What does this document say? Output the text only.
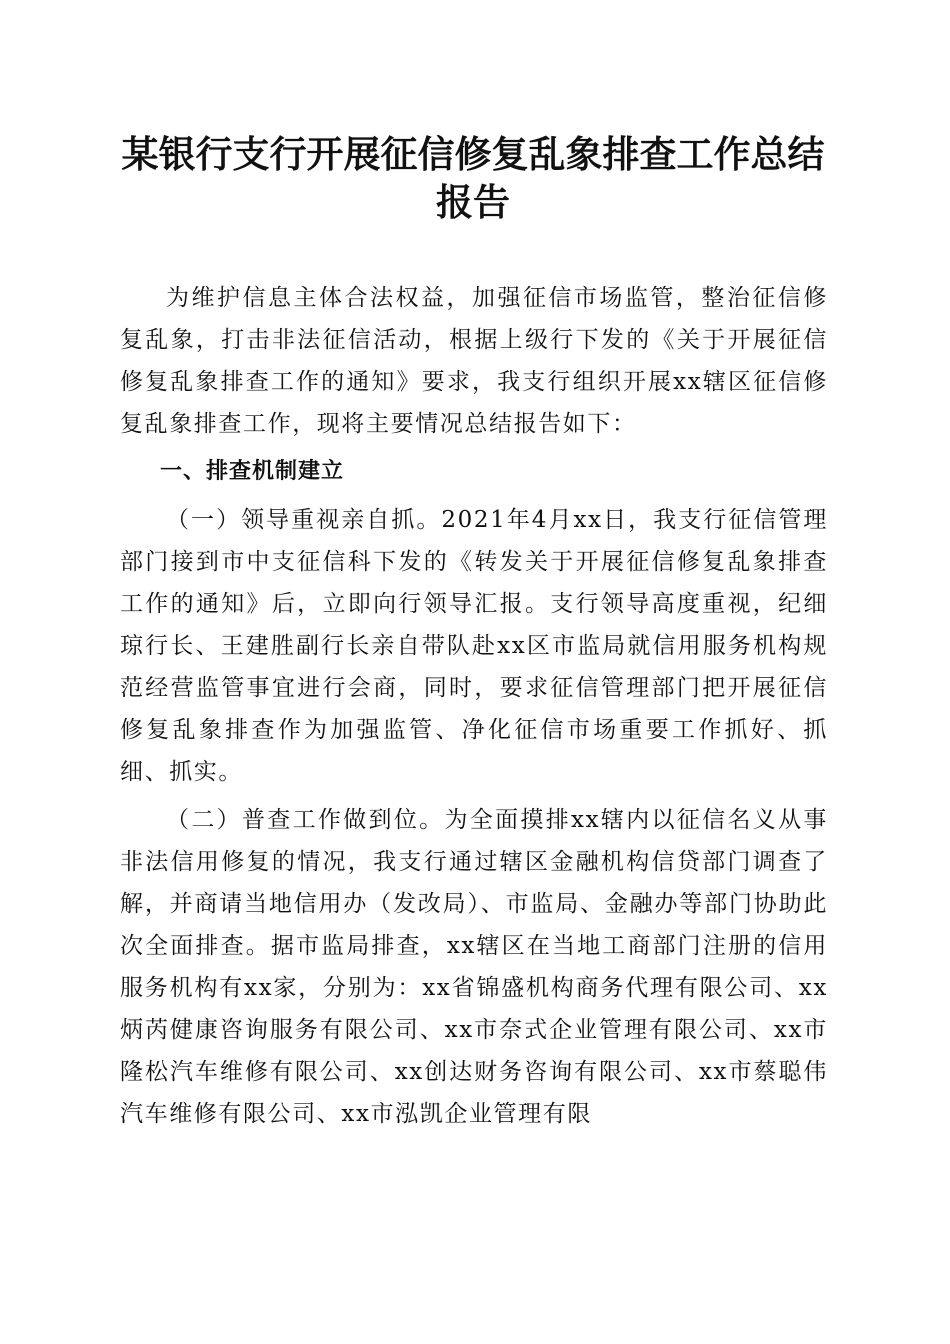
某银行支行开展征信修复乱象排查工作总结报告

为维护信息主体合法权益，加强征信市场监管，整治征信修复乱象，打击非法征信活动，根据上级行下发的《关于开展征信修复乱象排查工作的通知》要求，我支行组织开展xx辖区征信修复乱象排查工作，现将主要情况总结报告如下：

一、排查机制建立

（一）领导重视亲自抓。2021年4月xx日，我支行征信管理部门接到市中支征信科下发的《转发关于开展征信修复乱象排查工作的通知》后，立即向行领导汇报。支行领导高度重视，纪细琼行长、王建胜副行长亲自带队赴xx区市监局就信用服务机构规范经营监管事宜进行会商，同时，要求征信管理部门把开展征信修复乱象排查作为加强监管、净化征信市场重要工作抓好、抓细、抓实。

（二）普查工作做到位。为全面摸排xx辖内以征信名义从事非法信用修复的情况，我支行通过辖区金融机构信贷部门调查了解，并商请当地信用办（发改局）、市监局、金融办等部门协助此次全面排查。据市监局排查，xx辖区在当地工商部门注册的信用服务机构有xx家，分别为：xx省锦盛机构商务代理有限公司、xx炳芮健康咨询服务有限公司、xx市奈式企业管理有限公司、xx市隆松汽车维修有限公司、xx创达财务咨询有限公司、xx市蔡聪伟汽车维修有限公司、xx市泓凯企业管理有限
